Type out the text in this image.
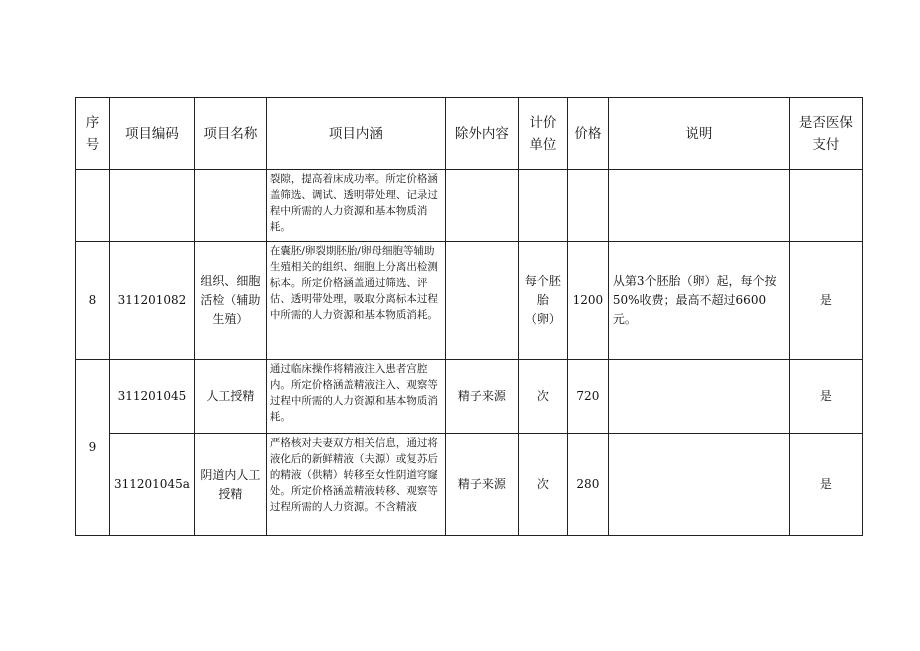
序号	项目编码	项目名称	项目内涵	除外内容	计价单位	价格	说明	是否医保支付
			裂隙，提高着床成功率。所定价格涵盖筛选、调试、透明带处理、记录过程中所需的人力资源和基本物质消耗。					
8	311201082	组织、细胞活检（辅助生殖）	在囊胚/卵裂期胚胎/卵母细胞等辅助生殖相关的组织、细胞上分离出检测标本。所定价格涵盖通过筛选、评估、透明带处理，吸取分离标本过程中所需的人力资源和基本物质消耗。		每个胚胎（卵）	1200	从第3个胚胎（卵）起，每个按50%收费；最高不超过6600元。	是
9	311201045	人工授精	通过临床操作将精液注入患者宫腔内。所定价格涵盖精液注入、观察等过程中所需的人力资源和基本物质消耗。	精子来源	次	720		是
	311201045a	阴道内人工授精	严格核对夫妻双方相关信息，通过将液化后的新鲜精液（夫源）或复苏后的精液（供精）转移至女性阴道穹窿处。所定价格涵盖精液转移、观察等过程所需的人力资源。不含精液	精子来源	次	280		是
